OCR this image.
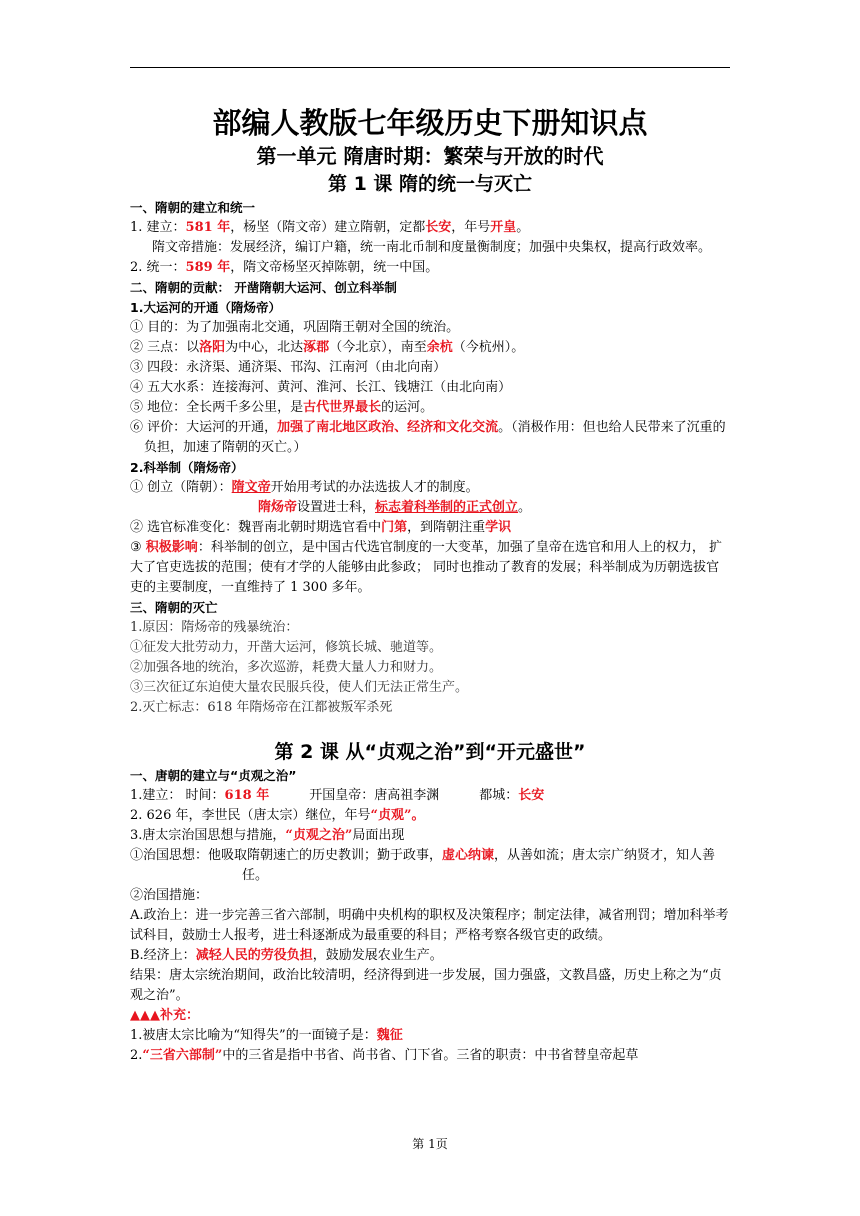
部编人教版七年级历史下册知识点

第一单元 隋唐时期：繁荣与开放的时代

第 1 课 隋的统一与灭亡

一、隋朝的建立和统一

1. 建立：581 年，杨坚（隋文帝）建立隋朝，定都长安，年号开皇。

隋文帝措施：发展经济，编订户籍，统一南北币制和度量衡制度；加强中央集权，提高行政效率。

2. 统一：589 年，隋文帝杨坚灭掉陈朝，统一中国。

二、隋朝的贡献： 开凿隋朝大运河、创立科举制

1.大运河的开通（隋炀帝）

① 目的：为了加强南北交通，巩固隋王朝对全国的统治。

② 三点：以洛阳为中心，北达涿郡（今北京），南至余杭（今杭州）。

③ 四段：永济渠、通济渠、邗沟、江南河（由北向南）

④ 五大水系：连接海河、黄河、淮河、长江、钱塘江（由北向南）

⑤ 地位：全长两千多公里，是古代世界最长的运河。

⑥ 评价：大运河的开通，加强了南北地区政治、经济和文化交流。（消极作用：但也给人民带来了沉重的负担，加速了隋朝的灭亡。）

2.科举制（隋炀帝）

① 创立（隋朝）：隋文帝开始用考试的办法选拔人才的制度。

隋炀帝设置进士科，标志着科举制的正式创立。

② 选官标准变化：魏晋南北朝时期选官看中门第，到隋朝注重学识

③ 积极影响：科举制的创立，是中国古代选官制度的一大变革，加强了皇帝在选官和用人上的权力， 扩大了官吏选拔的范围；使有才学的人能够由此参政； 同时也推动了教育的发展；科举制成为历朝选拔官吏的主要制度，一直维持了 1 300 多年。

三、隋朝的灭亡

1.原因：隋炀帝的残暴统治：

①征发大批劳动力，开凿大运河，修筑长城、驰道等。

②加强各地的统治，多次巡游，耗费大量人力和财力。

③三次征辽东迫使大量农民服兵役，使人们无法正常生产。

2.灭亡标志：618 年隋炀帝在江都被叛军杀死

第 2 课 从“贞观之治”到“开元盛世”

一、唐朝的建立与“贞观之治”

1.建立： 时间：618 年	开国皇帝：唐高祖李渊	都城：长安

2. 626 年，李世民（唐太宗）继位，年号“贞观”。

3.唐太宗治国思想与措施，“贞观之治”局面出现

①治国思想：他吸取隋朝速亡的历史教训；勤于政事，虚心纳谏，从善如流；唐太宗广纳贤才，知人善任。

②治国措施：

A.政治上：进一步完善三省六部制，明确中央机构的职权及决策程序；制定法律，减省刑罚；增加科举考试科目，鼓励士人报考，进士科逐渐成为最重要的科目；严格考察各级官吏的政绩。

B.经济上：减轻人民的劳役负担，鼓励发展农业生产。

结果：唐太宗统治期间，政治比较清明，经济得到进一步发展，国力强盛，文教昌盛，历史上称之为“贞观之治”。

▲▲▲补充：

1.被唐太宗比喻为“知得失”的一面镜子是：魏征

2.“三省六部制”中的三省是指中书省、尚书省、门下省。三省的职责：中书省替皇帝起草

第 1页
